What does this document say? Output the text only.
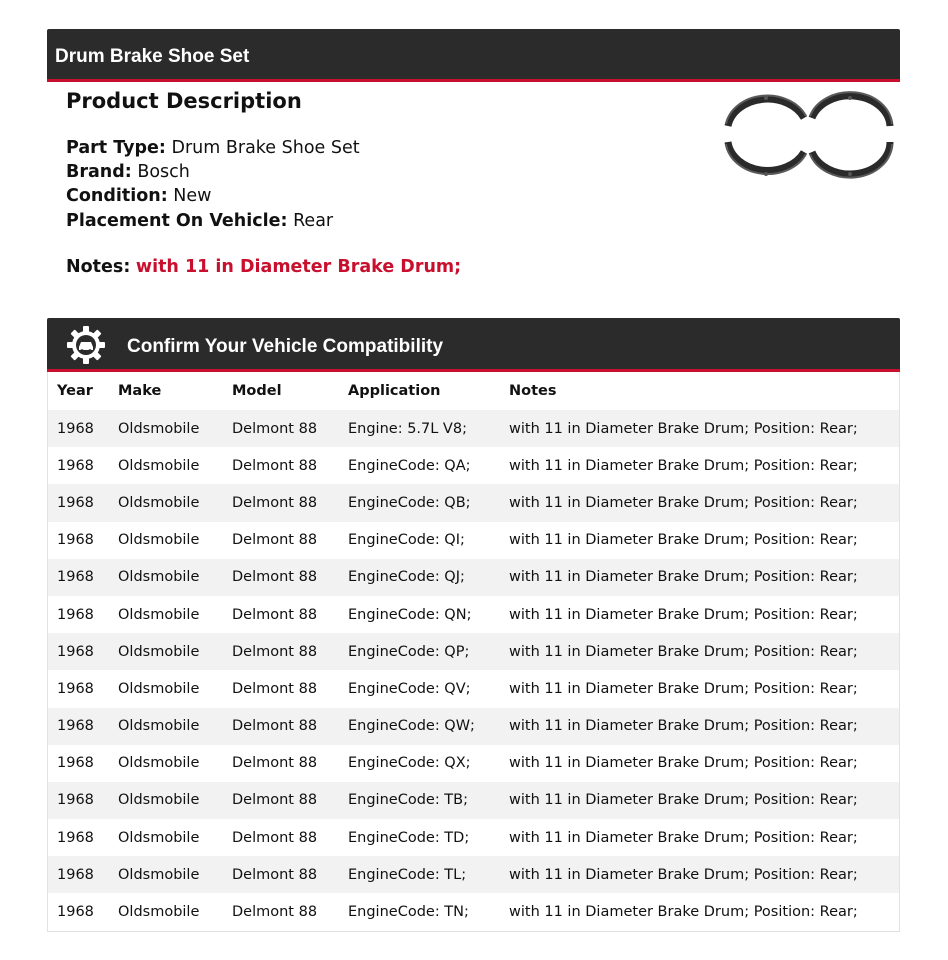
Drum Brake Shoe Set
Product Description
Part Type: Drum Brake Shoe Set
Brand: Bosch
Condition: New
Placement On Vehicle: Rear
Notes: with 11 in Diameter Brake Drum;
Confirm Your Vehicle Compatibility
Year	Make	Model	Application	Notes
1968	Oldsmobile	Delmont 88	Engine: 5.7L V8;	with 11 in Diameter Brake Drum; Position: Rear;
1968	Oldsmobile	Delmont 88	EngineCode: QA;	with 11 in Diameter Brake Drum; Position: Rear;
1968	Oldsmobile	Delmont 88	EngineCode: QB;	with 11 in Diameter Brake Drum; Position: Rear;
1968	Oldsmobile	Delmont 88	EngineCode: QI;	with 11 in Diameter Brake Drum; Position: Rear;
1968	Oldsmobile	Delmont 88	EngineCode: QJ;	with 11 in Diameter Brake Drum; Position: Rear;
1968	Oldsmobile	Delmont 88	EngineCode: QN;	with 11 in Diameter Brake Drum; Position: Rear;
1968	Oldsmobile	Delmont 88	EngineCode: QP;	with 11 in Diameter Brake Drum; Position: Rear;
1968	Oldsmobile	Delmont 88	EngineCode: QV;	with 11 in Diameter Brake Drum; Position: Rear;
1968	Oldsmobile	Delmont 88	EngineCode: QW;	with 11 in Diameter Brake Drum; Position: Rear;
1968	Oldsmobile	Delmont 88	EngineCode: QX;	with 11 in Diameter Brake Drum; Position: Rear;
1968	Oldsmobile	Delmont 88	EngineCode: TB;	with 11 in Diameter Brake Drum; Position: Rear;
1968	Oldsmobile	Delmont 88	EngineCode: TD;	with 11 in Diameter Brake Drum; Position: Rear;
1968	Oldsmobile	Delmont 88	EngineCode: TL;	with 11 in Diameter Brake Drum; Position: Rear;
1968	Oldsmobile	Delmont 88	EngineCode: TN;	with 11 in Diameter Brake Drum; Position: Rear;
